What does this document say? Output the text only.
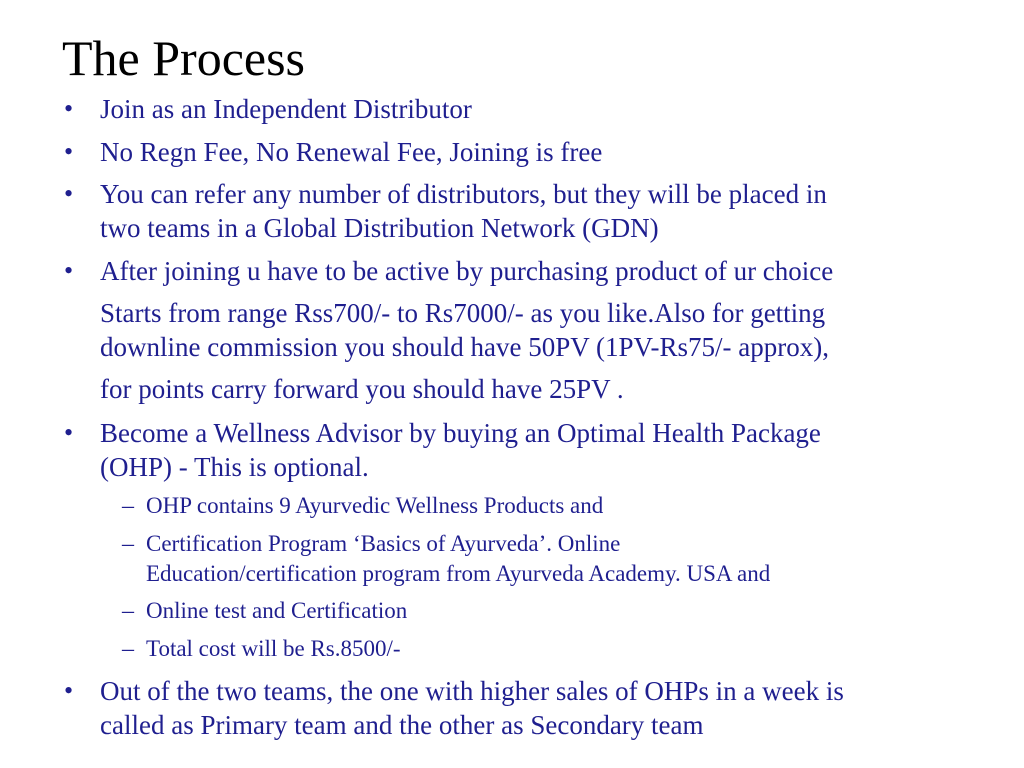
The Process
• Join as an Independent Distributor
• No Regn Fee, No Renewal Fee, Joining is free
• You can refer any number of distributors, but they will be placed in
two teams in a Global Distribution Network (GDN)
• After joining u have to be active by purchasing product of ur choice
Starts from range Rss700/- to Rs7000/- as you like.Also for getting
downline commission you should have 50PV (1PV-Rs75/- approx),
for points carry forward you should have 25PV .
• Become a Wellness Advisor by buying an Optimal Health Package
(OHP) - This is optional.
– OHP contains 9 Ayurvedic Wellness Products and
– Certification Program ‘Basics of Ayurveda’. Online
Education/certification program from Ayurveda Academy. USA and
– Online test and Certification
– Total cost will be Rs.8500/-
• Out of the two teams, the one with higher sales of OHPs in a week is
called as Primary team and the other as Secondary team
